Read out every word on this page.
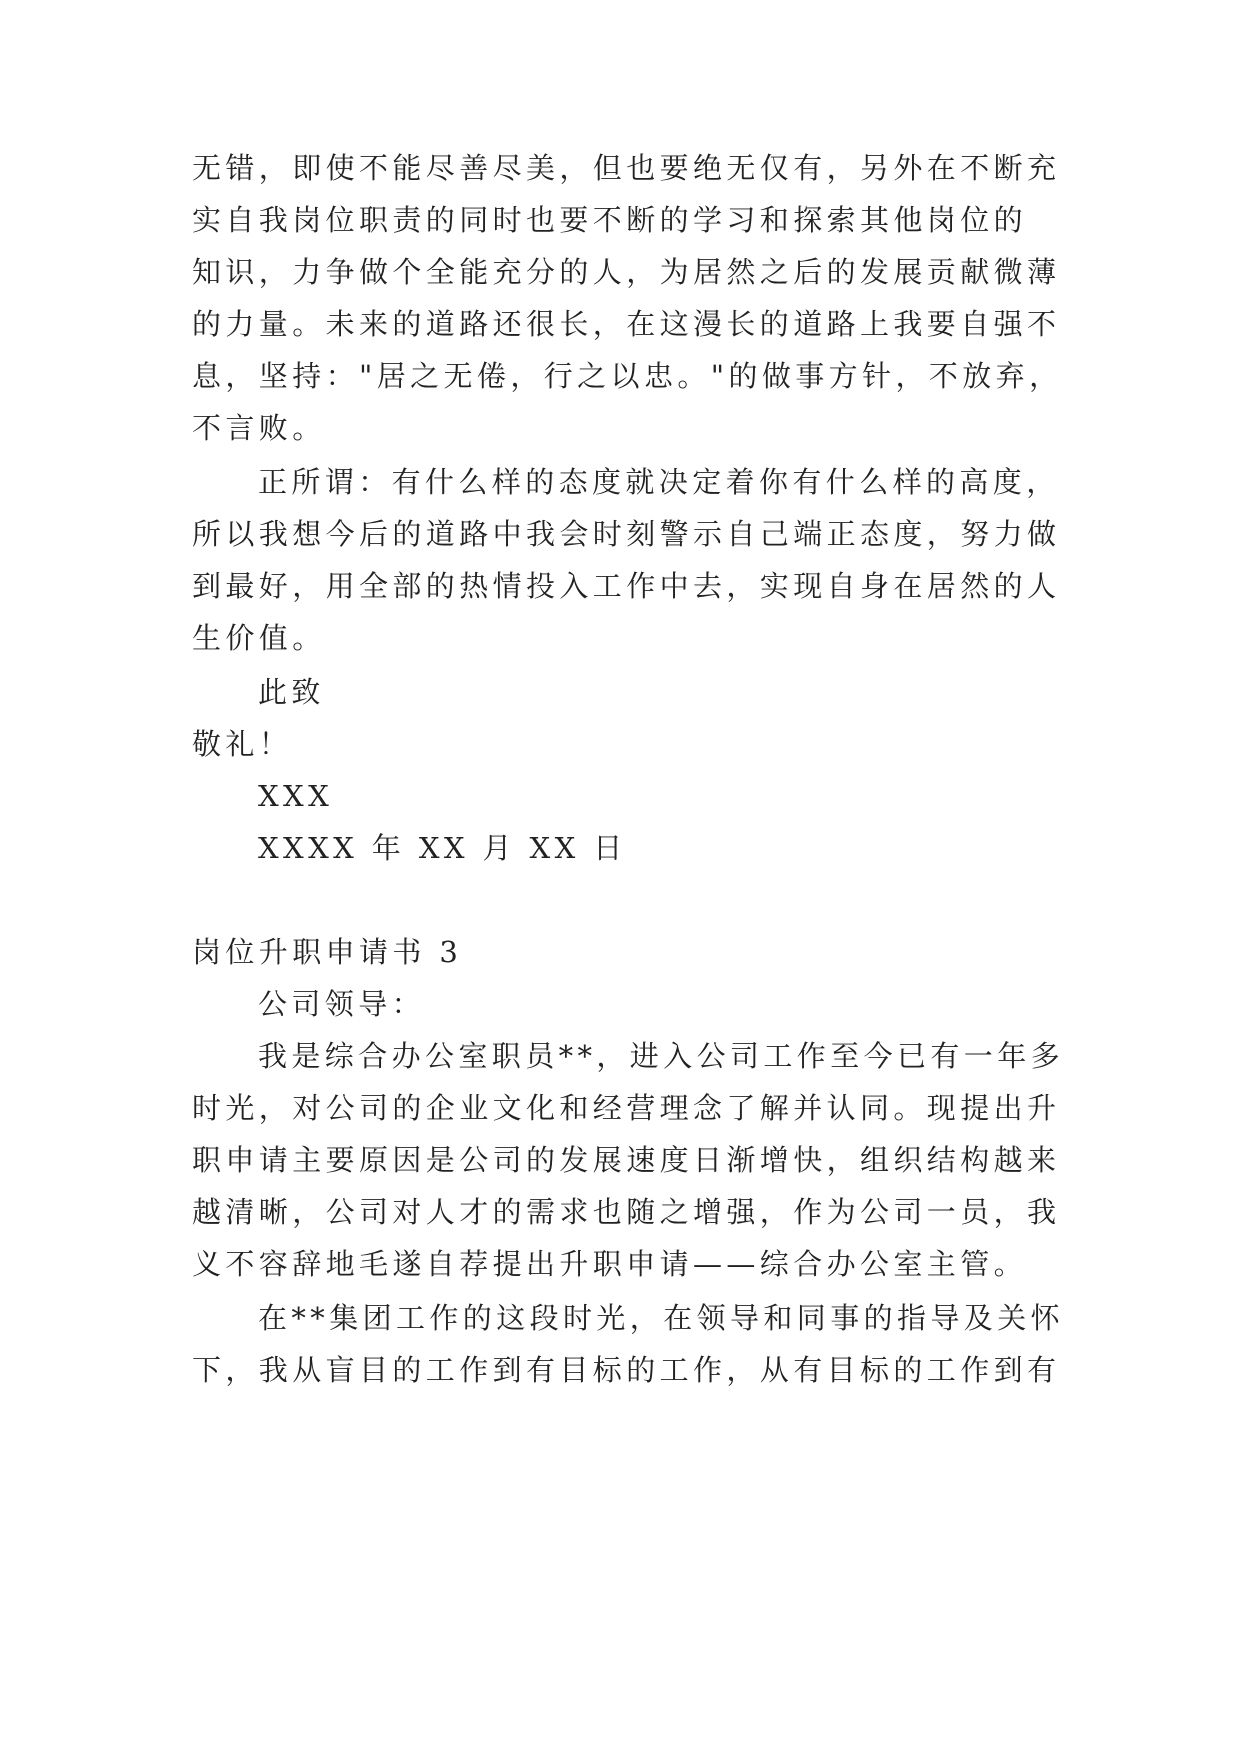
无错，即使不能尽善尽美，但也要绝无仅有，另外在不断充
实自我岗位职责的同时也要不断的学习和探索其他岗位的
知识，力争做个全能充分的人，为居然之后的发展贡献微薄
的力量。未来的道路还很长，在这漫长的道路上我要自强不
息，坚持："居之无倦，行之以忠。"的做事方针，不放弃，
不言败。
正所谓：有什么样的态度就决定着你有什么样的高度，
所以我想今后的道路中我会时刻警示自己端正态度，努力做
到最好，用全部的热情投入工作中去，实现自身在居然的人
生价值。
此致
敬礼！
XXX
XXXX 年 XX 月 XX 日
岗位升职申请书 3
公司领导：
我是综合办公室职员**，进入公司工作至今已有一年多
时光，对公司的企业文化和经营理念了解并认同。现提出升
职申请主要原因是公司的发展速度日渐增快，组织结构越来
越清晰，公司对人才的需求也随之增强，作为公司一员，我
义不容辞地毛遂自荐提出升职申请——综合办公室主管。
在**集团工作的这段时光，在领导和同事的指导及关怀
下，我从盲目的工作到有目标的工作，从有目标的工作到有
